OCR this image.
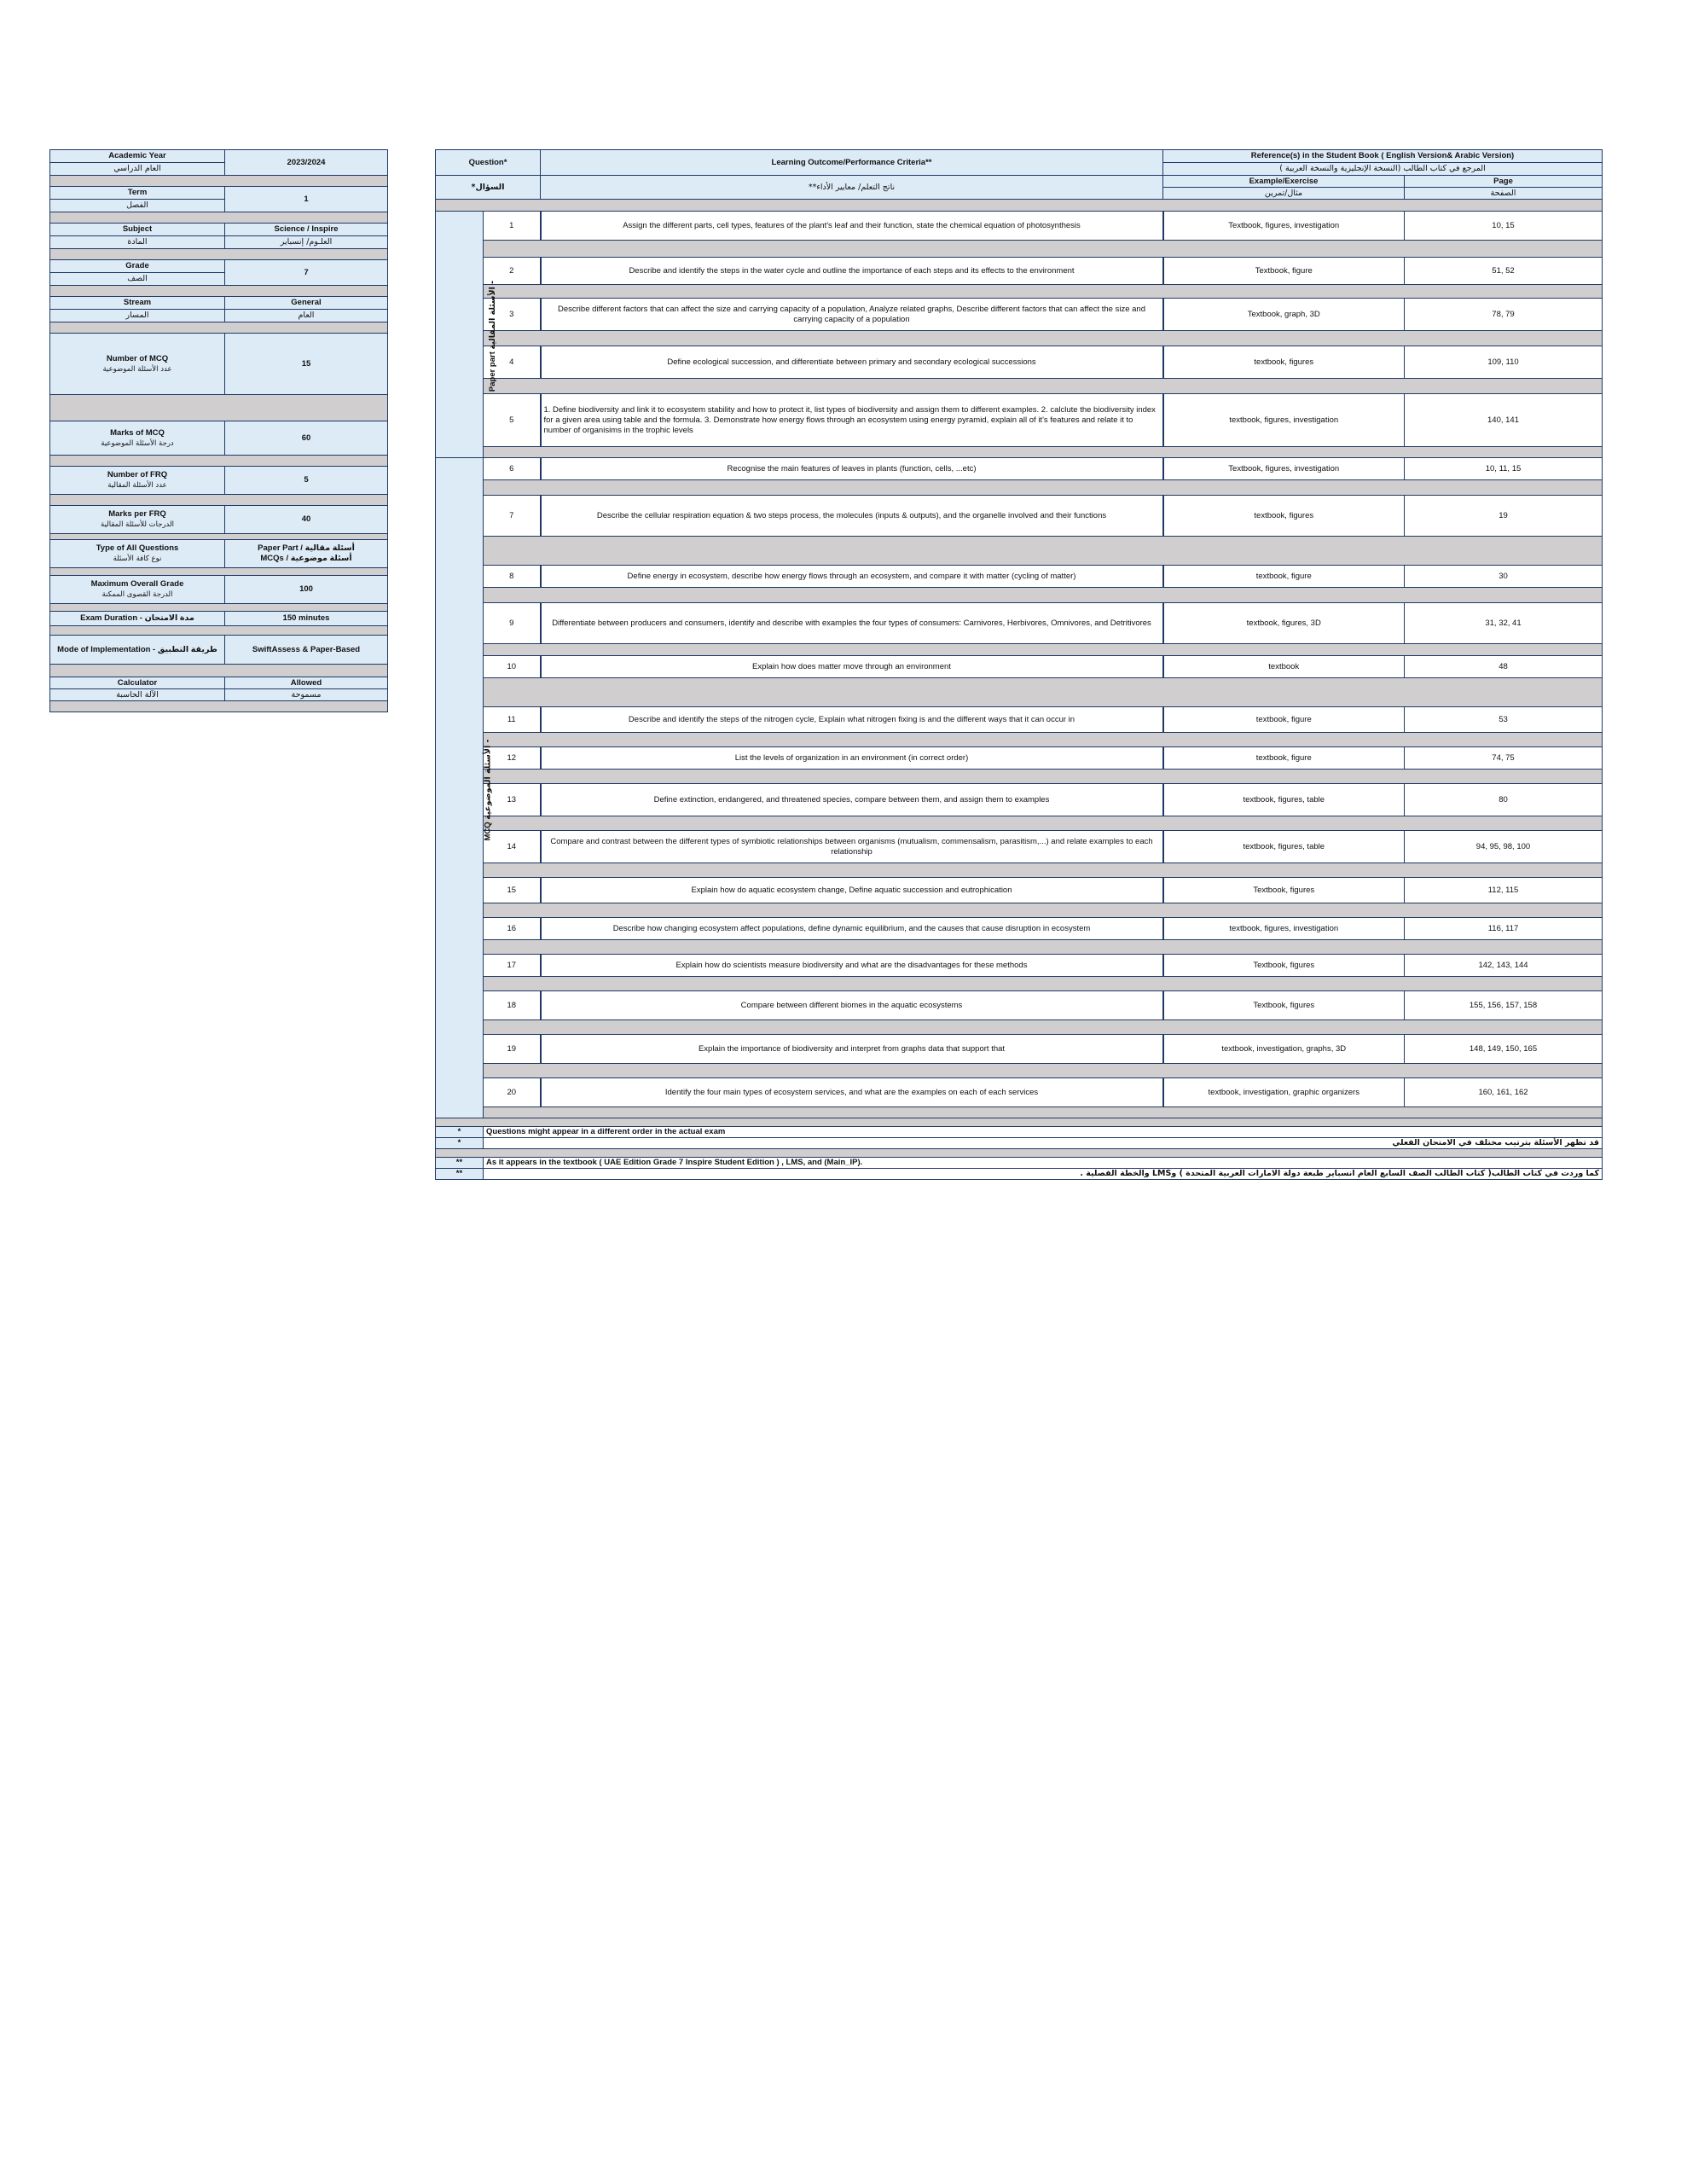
Academic Year	2023/2024
العام الدراسي	

Term	1
الفصل	

Subject	Science / Inspire
المادة	العلـوم/ إنسباير

Grade	7
الصف	

Stream	General
المسار	العام

Number of MCQ
عدد الأسئلة الموضوعية	15

Marks of MCQ
درجة الأسئلة الموضوعية	60

Number of FRQ
عدد الأسئلة المقالية	5

Marks per FRQ
الدرجات للأسئلة المقالية	40

Type of All Questions
نوع كافة الأسئلة	Paper Part / أسئلة مقالية
MCQs / أسئلة موضوعية

Maximum Overall Grade
الدرجة القصوى الممكنة	100

Exam Duration - مدة الامتحان	150 minutes

Mode of Implementation - طريقة التطبيق	SwiftAssess & Paper-Based

Calculator	Allowed
الآلة الحاسبة	مسموحة

Question*		Learning Outcome/Performance Criteria**	Reference(s) in the Student Book ( English Version& Arabic Version)	
			المرجع في كتاب الطالب (النسخة الإنجليزية والنسخة العربية )	
السؤال*		ناتج التعلم/ معايير الأداء**	Example/Exercise	Page
			مثال/تمرين	الصفحة

Paper part الأسئلة المقالية -	1	Assign the different parts, cell types, features of the plant's leaf and their function, state the chemical equation of photosynthesis	Textbook, figures, investigation	10, 15

	2	Describe and identify the steps in the water cycle and outline the importance of each steps and its effects to the environment	Textbook, figure	51, 52

	3	Describe different factors that can affect the size and carrying capacity of a population, Analyze related graphs, Describe different factors that can affect the size and carrying capacity of a population	Textbook, graph, 3D	78, 79

	4	Define ecological succession, and differentiate between primary and secondary ecological successions	textbook, figures	109, 110

	5	1. Define biodiversity and link it to ecosystem stability and how to protect it, list types of biodiversity and assign them to different examples. 2. calclute the biodiversity index for a given area using table and the formula. 3. Demonstrate how energy flows through an ecosystem using energy pyramid, explain all of it's features and relate it to number of organisims in the trophic levels	textbook, figures, investigation	140, 141

MCQ الأسئلة الموضوعية -	6	Recognise the main features of leaves in plants (function, cells, ...etc)	Textbook, figures, investigation	10, 11, 15

	7	Describe the cellular respiration equation & two steps process, the molecules (inputs & outputs), and the organelle involved and their functions	textbook, figures	19

	8	Define energy in ecosystem, describe how energy flows through an ecosystem, and compare it with matter (cycling of matter)	textbook, figure	30

	9	Differentiate between producers and consumers, identify and describe with examples the four types of consumers: Carnivores, Herbivores, Omnivores, and Detritivores	textbook, figures, 3D	31, 32, 41

	10	Explain how does matter move through an environment	textbook	48

	11	Describe and identify the steps of the nitrogen cycle, Explain what nitrogen fixing is and the different ways that it can occur in	textbook, figure	53

	12	List the levels of organization in an environment (in correct order)	textbook, figure	74, 75

	13	Define extinction, endangered, and threatened species, compare between them, and assign them to examples	textbook, figures, table	80

	14	Compare and contrast between the different types of symbiotic relationships between organisms (mutualism, commensalism, parasitism,...) and relate examples to each relationship	textbook, figures, table	94, 95, 98, 100

	15	Explain how do aquatic ecosystem change, Define aquatic succession and eutrophication	Textbook, figures	112, 115

	16	Describe how changing ecosystem affect populations, define dynamic equilibrium, and the causes that cause disruption in ecosystem	textbook, figures, investigation	116, 117

	17	Explain how do scientists measure biodiversity and what are the disadvantages for these methods	Textbook, figures	142, 143, 144

	18	Compare between different biomes in the aquatic ecosystems	Textbook, figures	155, 156, 157, 158

	19	Explain the importance of biodiversity and interpret from graphs data that support that	textbook, investigation, graphs, 3D	148, 149, 150, 165

	20	Identify the four main types of ecosystem services, and what are the examples on each of each services	textbook, investigation, graphic organizers	160, 161, 162

*	Questions might appear in a different order in the actual exam			
*	قد تظهر الأسئلة بترتيب مختلف في الامتحان الفعلي			

**	As it appears in the textbook ( UAE Edition Grade 7 Inspire Student Edition ) , LMS, and (Main_IP).			
**	كما وردت في كتاب الطالب( كتاب الطالب الصف السابع العام انسباير طبعة دولة الامارات العربية المتحدة ) وLMS والخطة الفصلية .			
